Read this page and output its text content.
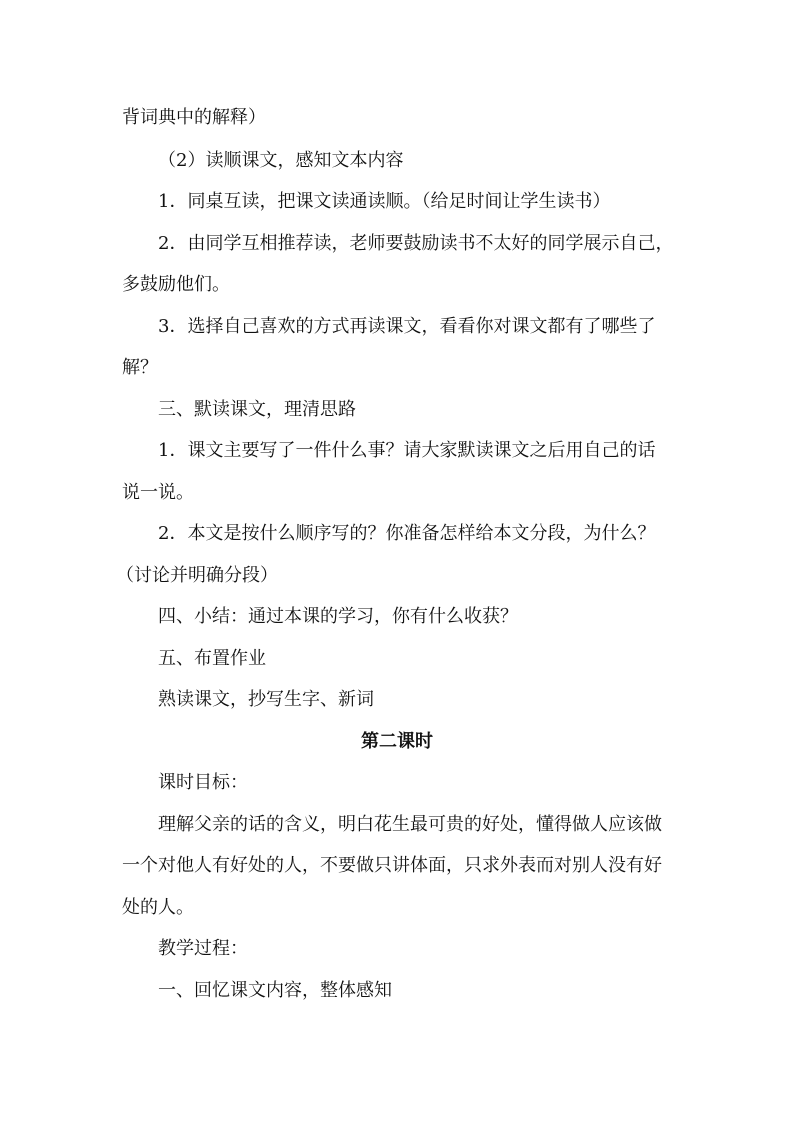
背词典中的解释）
（2）读顺课文，感知文本内容
1．同桌互读，把课文读通读顺。（给足时间让学生读书）
2．由同学互相推荐读，老师要鼓励读书不太好的同学展示自己，
多鼓励他们。
3．选择自己喜欢的方式再读课文，看看你对课文都有了哪些了
解？
三、默读课文，理清思路
1．课文主要写了一件什么事？请大家默读课文之后用自己的话
说一说。
2．本文是按什么顺序写的？你准备怎样给本文分段，为什么？
（讨论并明确分段）
四、小结：通过本课的学习，你有什么收获？
五、布置作业
熟读课文，抄写生字、新词
第二课时
课时目标：
理解父亲的话的含义，明白花生最可贵的好处，懂得做人应该做
一个对他人有好处的人，不要做只讲体面，只求外表而对别人没有好
处的人。
教学过程：
一、回忆课文内容，整体感知
